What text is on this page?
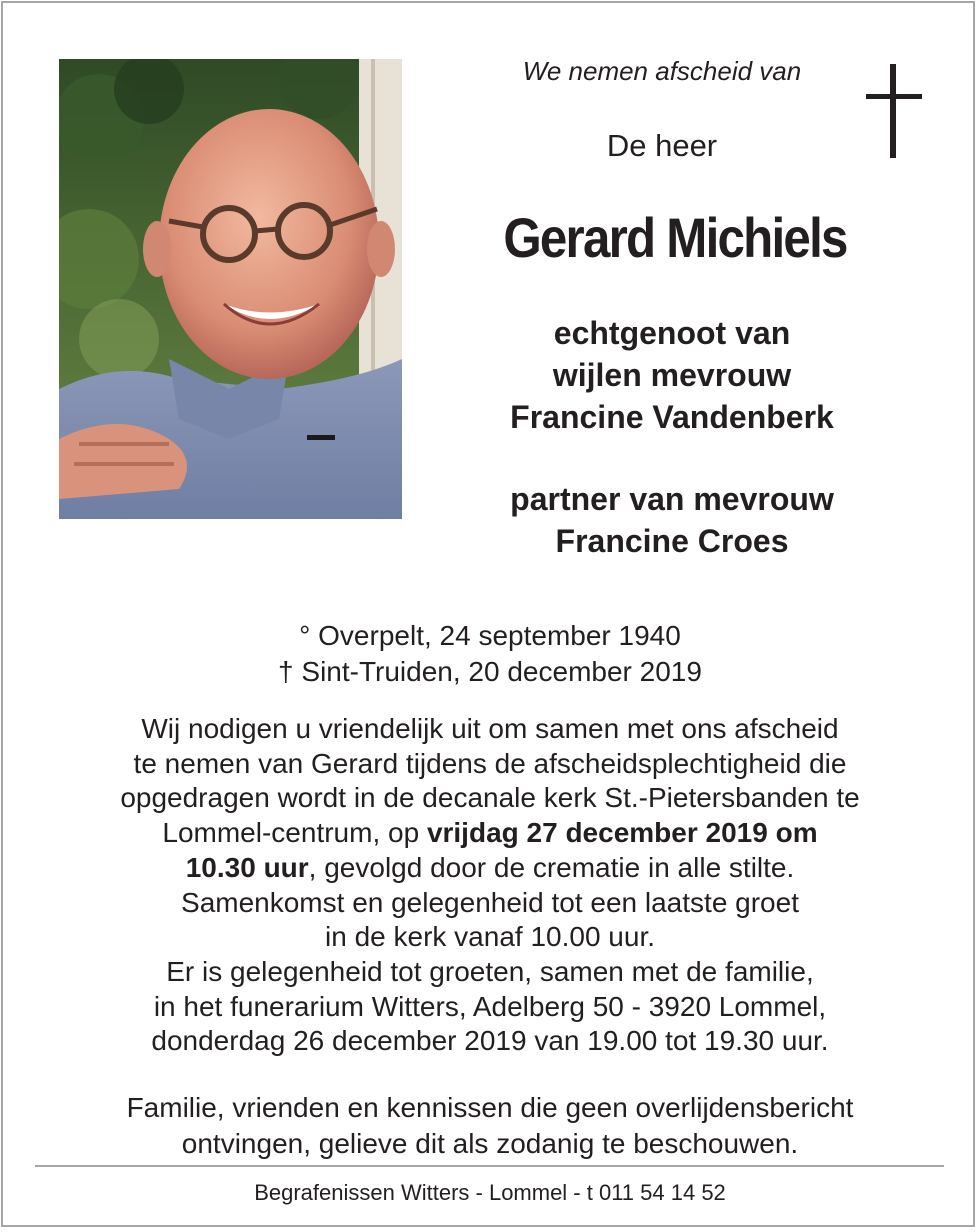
We nemen afscheid van
De heer
Gerard Michiels
echtgenoot van
wijlen mevrouw
Francine Vandenberk
partner van mevrouw
Francine Croes
° Overpelt, 24 september 1940
† Sint-Truiden, 20 december 2019
Wij nodigen u vriendelijk uit om samen met ons afscheid
te nemen van Gerard tijdens de afscheidsplechtigheid die
opgedragen wordt in de decanale kerk St.-Pietersbanden te
Lommel-centrum, op vrijdag 27 december 2019 om
10.30 uur, gevolgd door de crematie in alle stilte.
Samenkomst en gelegenheid tot een laatste groet
in de kerk vanaf 10.00 uur.
Er is gelegenheid tot groeten, samen met de familie,
in het funerarium Witters, Adelberg 50 - 3920 Lommel,
donderdag 26 december 2019 van 19.00 tot 19.30 uur.
Familie, vrienden en kennissen die geen overlijdensbericht
ontvingen, gelieve dit als zodanig te beschouwen.
Begrafenissen Witters - Lommel - t 011 54 14 52
